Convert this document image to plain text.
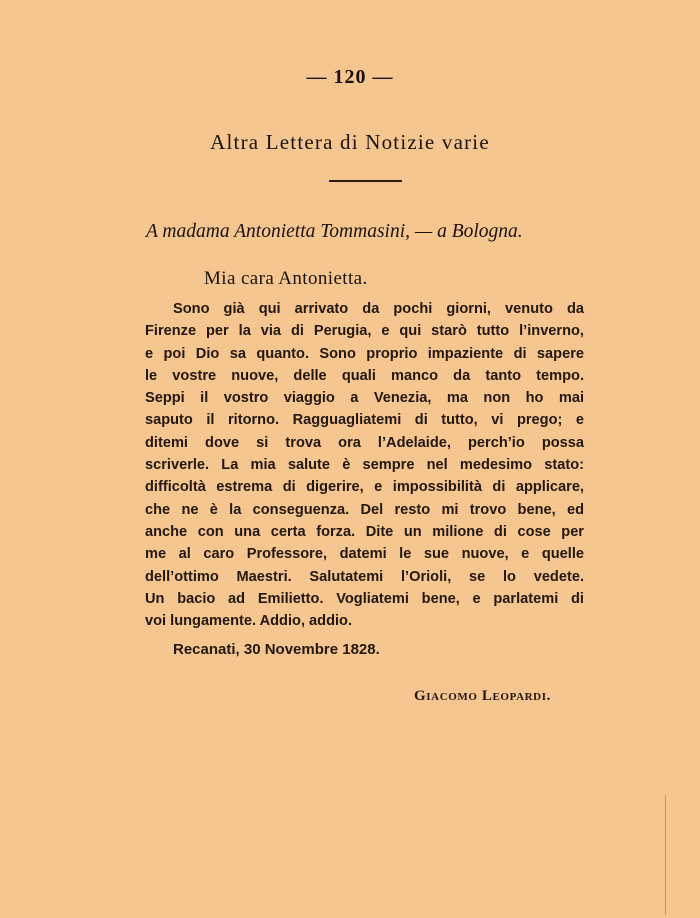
— 120 —
Altra Lettera di Notizie varie
A madama Antonietta Tommasini, — a Bologna.
Mia cara Antonietta.
Sono già qui arrivato da pochi giorni, venuto da
Firenze per la via di Perugia, e qui starò tutto l’inverno,
e poi Dio sa quanto. Sono proprio impaziente di sapere
le vostre nuove, delle quali manco da tanto tempo.
Seppi il vostro viaggio a Venezia, ma non ho mai
saputo il ritorno. Ragguagliatemi di tutto, vi prego; e
ditemi dove si trova ora l’Adelaide, perch’io possa
scriverle. La mia salute è sempre nel medesimo stato:
difficoltà estrema di digerire, e impossibilità di applicare,
che ne è la conseguenza. Del resto mi trovo bene, ed
anche con una certa forza. Dite un milione di cose per
me al caro Professore, datemi le sue nuove, e quelle
dell’ottimo Maestri. Salutatemi l’Orioli, se lo vedete.
Un bacio ad Emilietto. Vogliatemi bene, e parlatemi di
voi lungamente. Addio, addio.
Recanati, 30 Novembre 1828.
Giacomo Leopardi.
